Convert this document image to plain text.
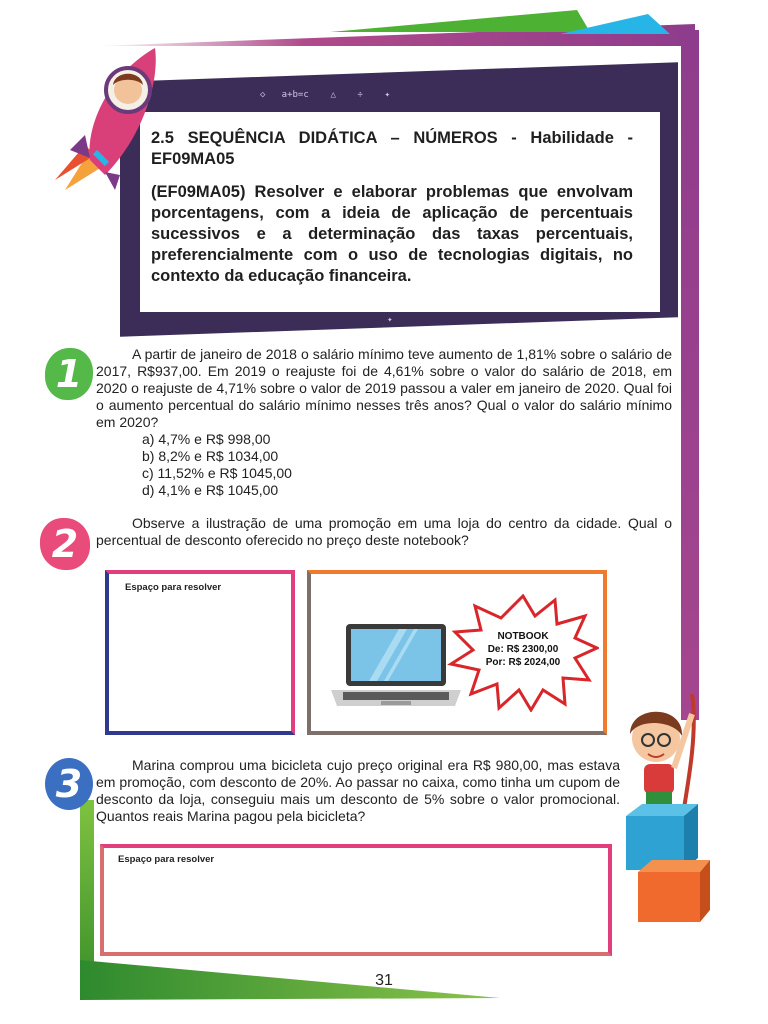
◇   a+b=c    △    ÷    ✦
✦

2.5 SEQUÊNCIA DIDÁTICA – NÚMEROS - Habilidade - EF09MA05

(EF09MA05) Resolver e elaborar problemas que envolvam porcentagens, com a ideia de aplicação de percentuais sucessivos e a determinação das taxas percentuais, preferencialmente com o uso de tecnologias digitais, no contexto da educação financeira.

1	A partir de janeiro de 2018 o salário mínimo teve aumento de 1,81% sobre o salário de 2017, R$937,00. Em 2019 o reajuste foi de 4,61% sobre o valor do salário de 2018, em 2020 o reajuste de 4,71% sobre o valor de 2019 passou a valer em janeiro de 2020. Qual foi o aumento percentual do salário mínimo nesses três anos? Qual o valor do salário mínimo em 2020?

a) 4,7% e R$ 998,00
b) 8,2% e R$ 1034,00
c) 11,52% e R$ 1045,00
d) 4,1% e R$ 1045,00
2	Observe a ilustração de uma promoção em uma loja do centro da cidade. Qual o percentual de desconto oferecido no preço deste notebook?

Espaço para resolver
NOTBOOK
De: R$ 2300,00
Por: R$ 2024,00
3	Marina comprou uma bicicleta cujo preço original era R$ 980,00, mas estava em promoção, com desconto de 20%. Ao passar no caixa, como tinha um cupom de desconto da loja, conseguiu mais um desconto de 5% sobre o valor promocional. Quantos reais Marina pagou pela bicicleta?

Espaço para resolver
31
